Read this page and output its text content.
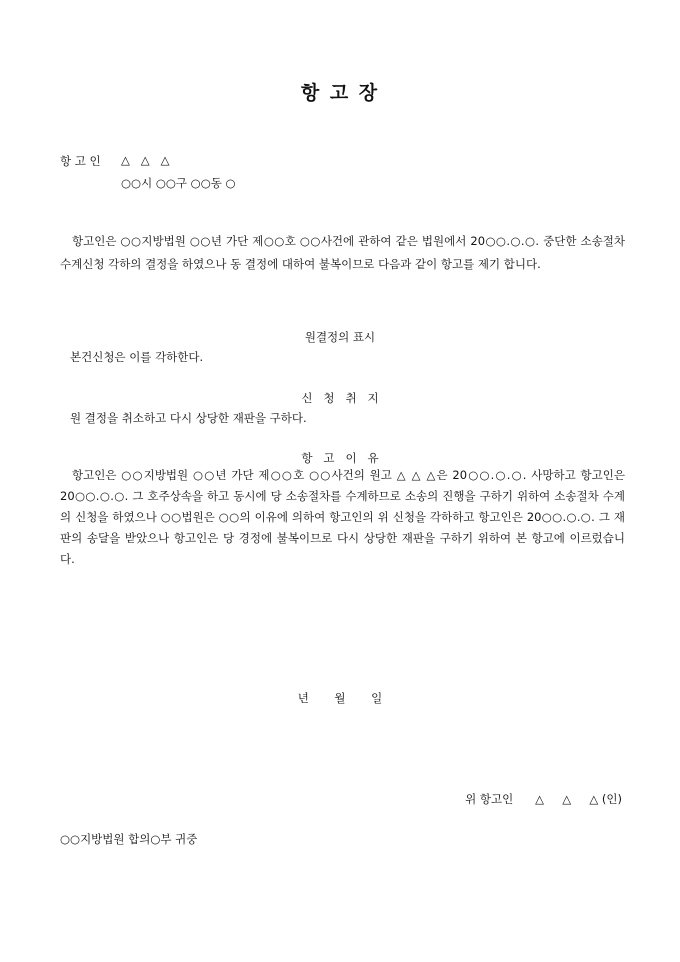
항 고 장
항 고 인 △   △   △
○○시 ○○구 ○○동 ○

항고인은 ○○지방법원 ○○년 가단 제○○호 ○○사건에 관하여 같은 법원에서 20○○.○.○. 중단한 소송절차 수계신청 각하의 결정을 하였으나 동 결정에 대하여 불복이므로 다음과 같이 항고를 제기 합니다.

원결정의 표시
본건신청은 이를 각하한다.
신   청   취   지
원 결정을 취소하고 다시 상당한 재판을 구하다.
항   고   이   유

항고인은 ○○지방법원 ○○년 가단 제○○호 ○○사건의 원고 △ △ △은 20○○.○.○. 사망하고 항고인은 20○○.○.○. 그 호주상속을 하고 동시에 당 소송절차를 수계하므로 소송의 진행을 구하기 위하여 소송절차 수계의 신청을 하였으나 ○○법원은 ○○의 이유에 의하여 항고인의 위 신청을 각하하고 항고인은 20○○.○.○. 그 재판의 송달을 받았으나 항고인은 당 경정에 불복이므로 다시 상당한 재판을 구하기 위하여 본 항고에 이르렀습니다.

년       월       일
위 항고인      △     △     △ (인)
○○지방법원 합의○부 귀중
